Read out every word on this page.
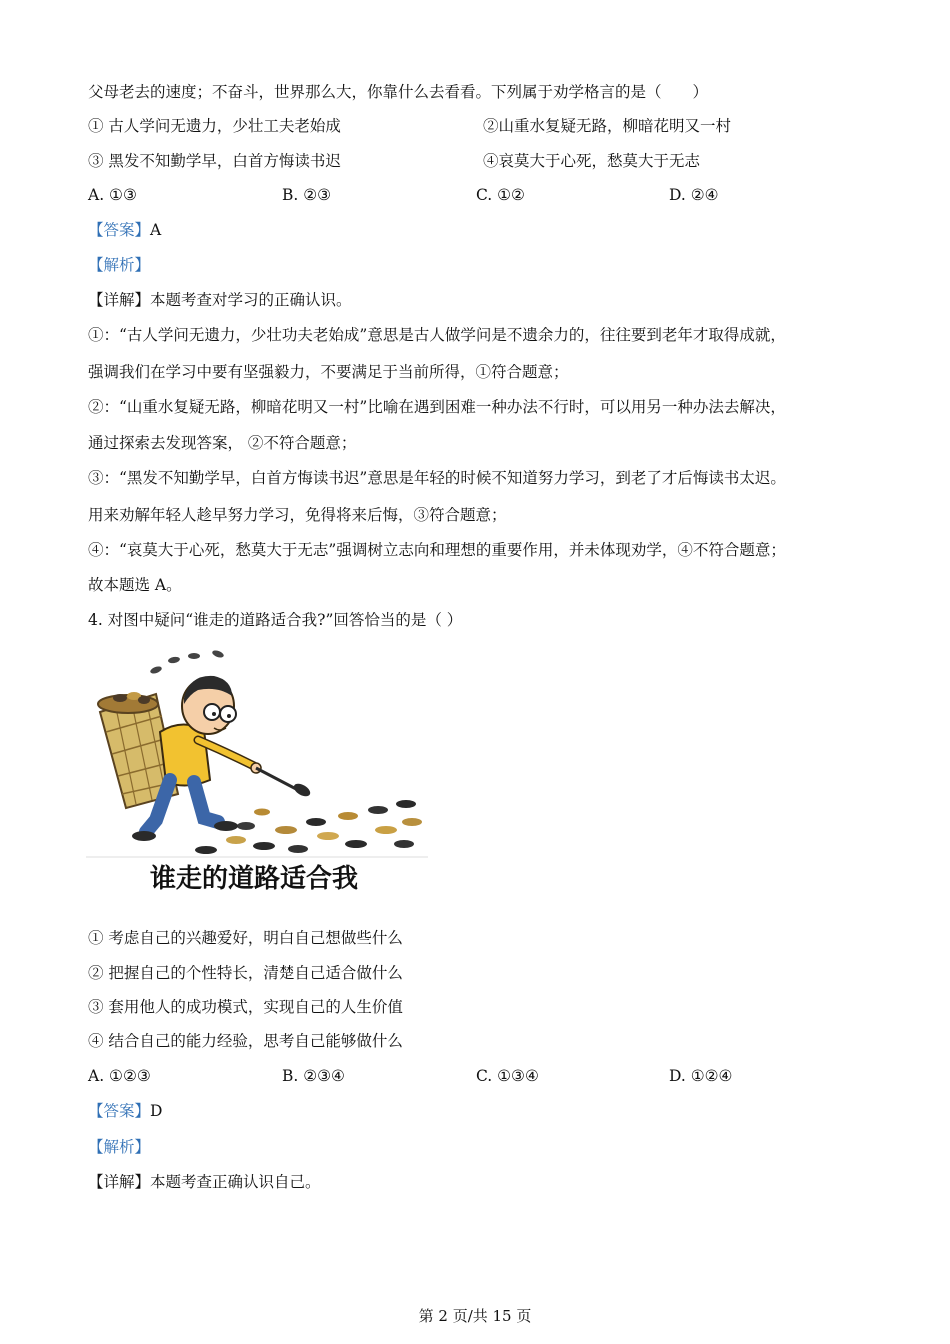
父母老去的速度；不奋斗，世界那么大，你靠什么去看看。下列属于劝学格言的是（　　）
① 古人学问无遗力，少壮工夫老始成	②山重水复疑无路，柳暗花明又一村
③ 黑发不知勤学早，白首方悔读书迟	④哀莫大于心死，愁莫大于无志
A. ①③	B. ②③	C. ①②	D. ②④
【答案】A
【解析】
【详解】本题考查对学习的正确认识。
①：“古人学问无遗力，少壮功夫老始成”意思是古人做学问是不遗余力的，往往要到老年才取得成就，
强调我们在学习中要有坚强毅力，不要满足于当前所得，①符合题意；
②：“山重水复疑无路，柳暗花明又一村”比喻在遇到困难一种办法不行时，可以用另一种办法去解决，
通过探索去发现答案， ②不符合题意；
③：“黑发不知勤学早，白首方悔读书迟”意思是年轻的时候不知道努力学习，到老了才后悔读书太迟。
用来劝解年轻人趁早努力学习，免得将来后悔，③符合题意；
④：“哀莫大于心死，愁莫大于无志”强调树立志向和理想的重要作用，并未体现劝学，④不符合题意；
故本题选 A。
4. 对图中疑问“谁走的道路适合我?”回答恰当的是（ ）
谁走的道路适合我
① 考虑自己的兴趣爱好，明白自己想做些什么
② 把握自己的个性特长，清楚自己适合做什么
③ 套用他人的成功模式，实现自己的人生价值
④ 结合自己的能力经验，思考自己能够做什么
A. ①②③	B. ②③④	C. ①③④	D. ①②④
【答案】D
【解析】
【详解】本题考查正确认识自己。
第 2 页/共 15 页
